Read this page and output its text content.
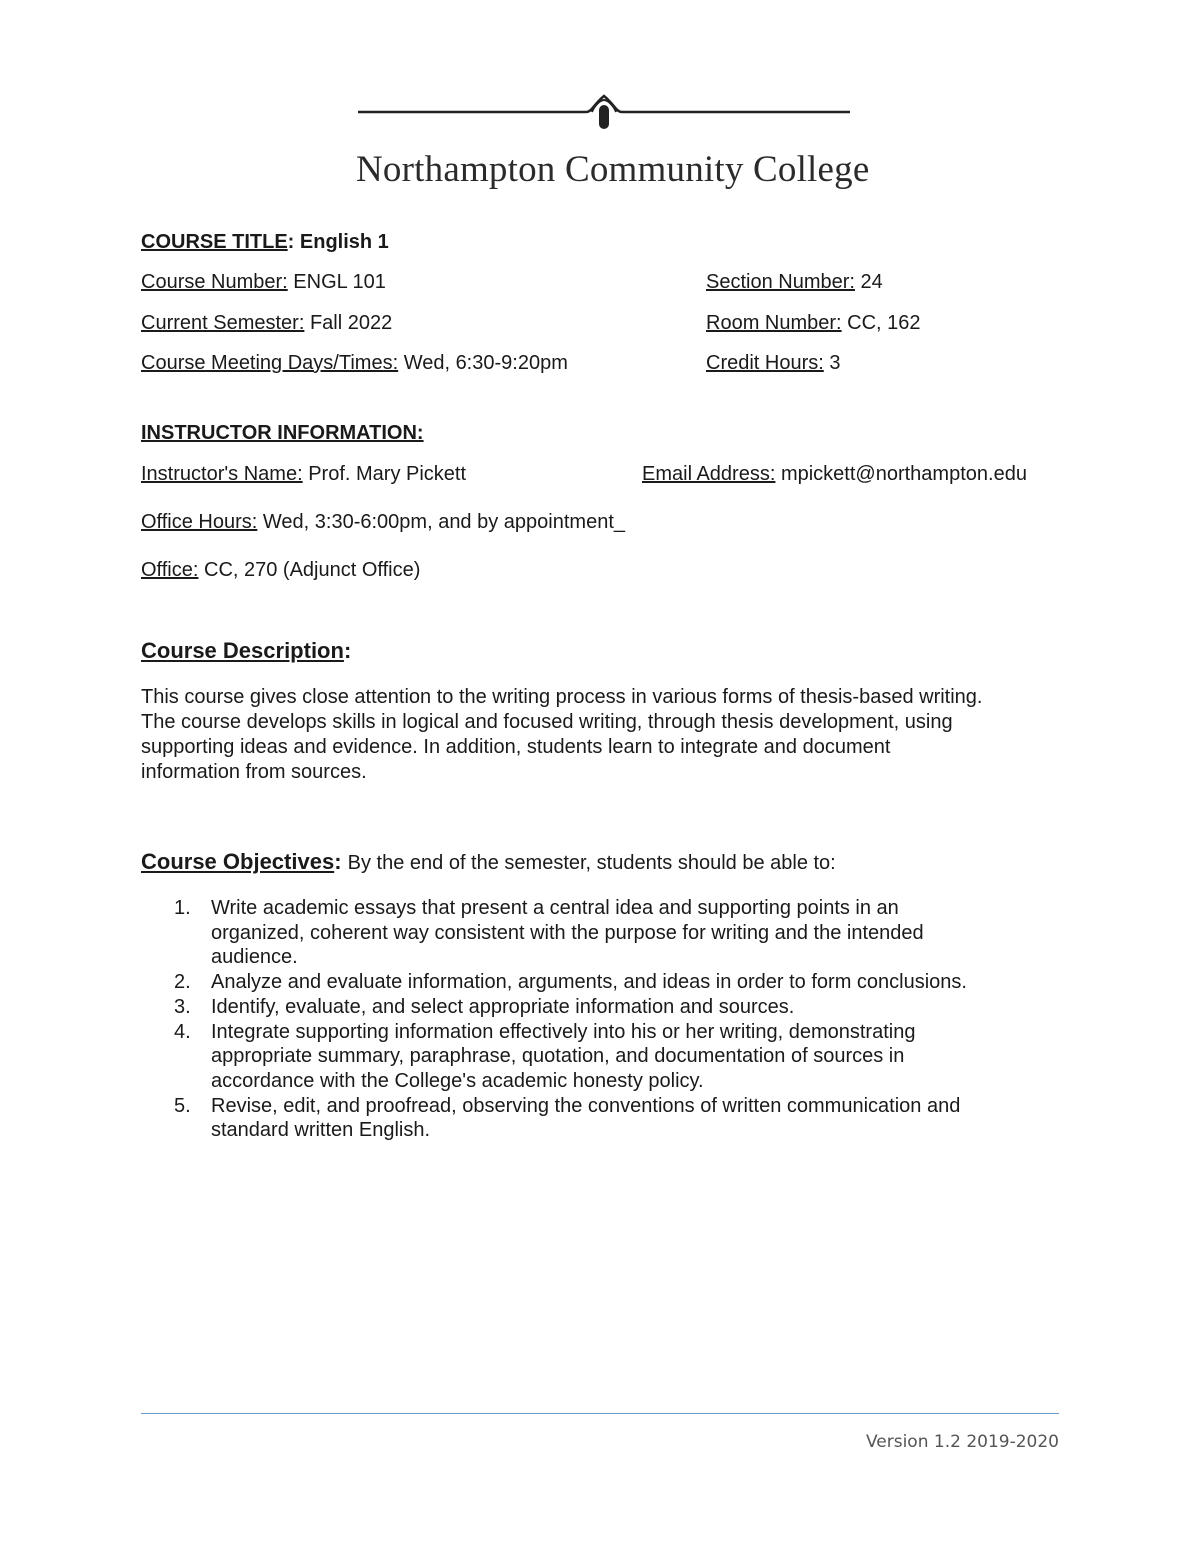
Northampton Community College
COURSE TITLE: English 1
Course Number: ENGL 101
Current Semester: Fall 2022
Course Meeting Days/Times: Wed, 6:30-9:20pm
Section Number: 24
Room Number: CC, 162
Credit Hours: 3
INSTRUCTOR INFORMATION:
Instructor's Name: Prof. Mary Pickett	Email Address: mpickett@northampton.edu
Office Hours: Wed, 3:30-6:00pm, and by appointment_
Office: CC, 270 (Adjunct Office)
Course Description:
This course gives close attention to the writing process in various forms of thesis-based writing.
The course develops skills in logical and focused writing, through thesis development, using
supporting ideas and evidence. In addition, students learn to integrate and document
information from sources.
Course Objectives: By the end of the semester, students should be able to:
1. Write academic essays that present a central idea and supporting points in an
organized, coherent way consistent with the purpose for writing and the intended
audience.
2. Analyze and evaluate information, arguments, and ideas in order to form conclusions.
3. Identify, evaluate, and select appropriate information and sources.
4. Integrate supporting information effectively into his or her writing, demonstrating
appropriate summary, paraphrase, quotation, and documentation of sources in
accordance with the College's academic honesty policy.
5. Revise, edit, and proofread, observing the conventions of written communication and
standard written English.
Version 1.2 2019-2020
